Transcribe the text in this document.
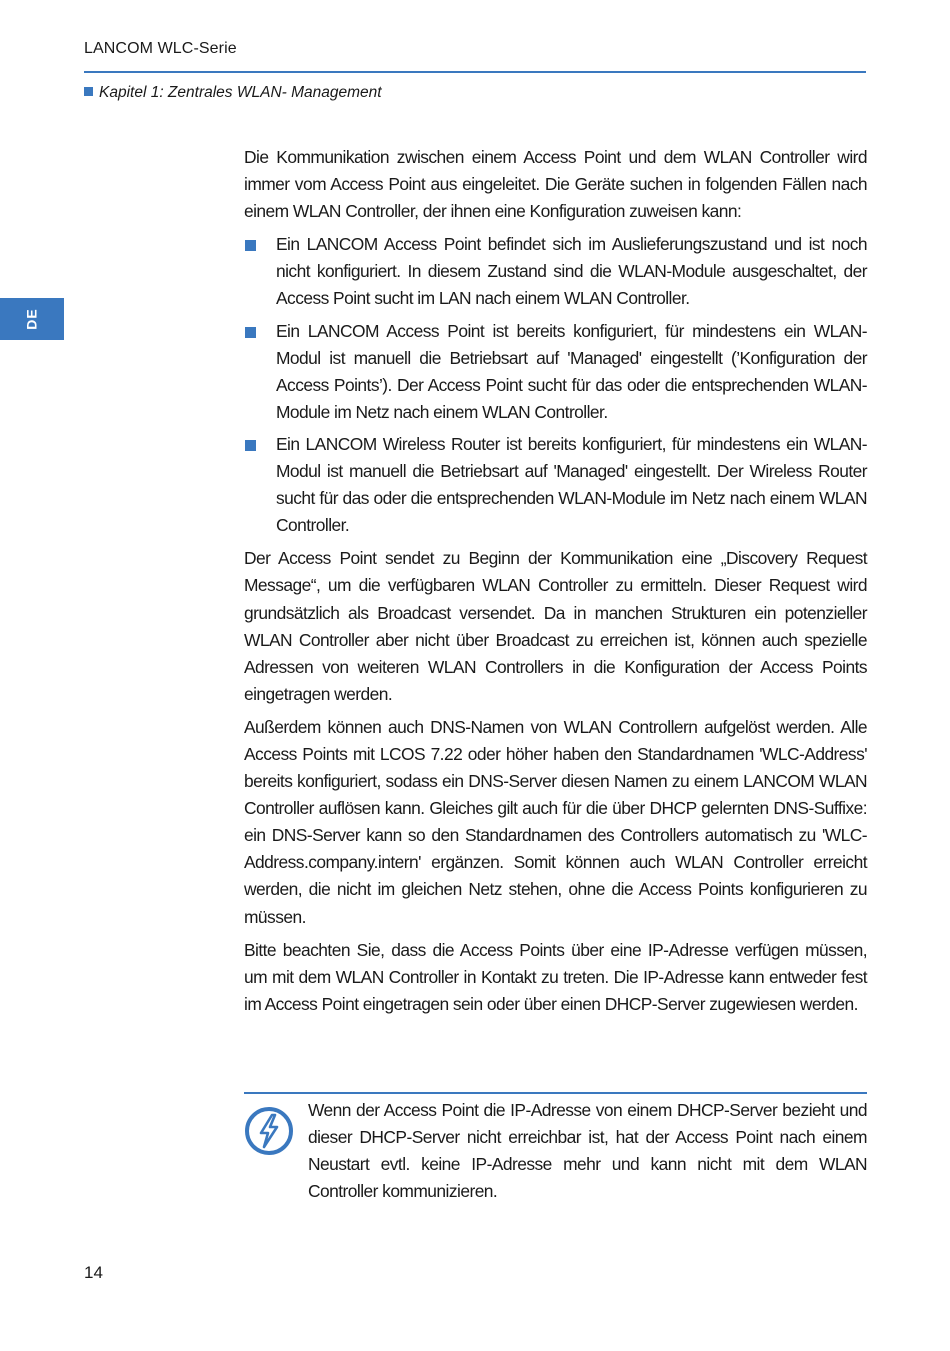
LANCOM WLC-Serie
Kapitel 1: Zentrales WLAN- Management
DE

Die Kommunikation zwischen einem Access Point und dem WLAN Controller wird immer vom Access Point aus eingeleitet. Die Geräte suchen in folgenden Fällen nach einem WLAN Controller, der ihnen eine Konfiguration zuweisen kann:

Ein LANCOM Access Point befindet sich im Auslieferungszustand und ist noch nicht konfiguriert. In diesem Zustand sind die WLAN-Module ausgeschaltet, der Access Point sucht im LAN nach einem WLAN Controller.
Ein LANCOM Access Point ist bereits konfiguriert, für mindestens ein WLAN-Modul ist manuell die Betriebsart auf 'Managed' eingestellt (’Konfiguration der Access Points’). Der Access Point sucht für das oder die entsprechenden WLAN-Module im Netz nach einem WLAN Controller.
Ein LANCOM Wireless Router ist bereits konfiguriert, für mindestens ein WLAN-Modul ist manuell die Betriebsart auf 'Managed' eingestellt. Der Wireless Router sucht für das oder die entsprechenden WLAN-Module im Netz nach einem WLAN Controller.

Der Access Point sendet zu Beginn der Kommunikation eine „Discovery Request Message“, um die verfügbaren WLAN Controller zu ermitteln. Dieser Request wird grundsätzlich als Broadcast versendet. Da in manchen Strukturen ein potenzieller WLAN Controller aber nicht über Broadcast zu erreichen ist, können auch spezielle Adressen von weiteren WLAN Controllers in die Konfiguration der Access Points eingetragen werden.

Außerdem können auch DNS-Namen von WLAN Controllern aufgelöst werden. Alle Access Points mit LCOS 7.22 oder höher haben den Standardnamen 'WLC-Address' bereits konfiguriert, sodass ein DNS-Server diesen Namen zu einem LANCOM WLAN Controller auflösen kann. Gleiches gilt auch für die über DHCP gelernten DNS-Suffixe: ein DNS-Server kann so den Standardnamen des Controllers automatisch zu 'WLC-Address.company.intern' ergänzen. Somit können auch WLAN Controller erreicht werden, die nicht im gleichen Netz stehen, ohne die Access Points konfigurieren zu müssen.

Bitte beachten Sie, dass die Access Points über eine IP-Adresse verfügen müssen, um mit dem WLAN Controller in Kontakt zu treten. Die IP-Adresse kann entweder fest im Access Point eingetragen sein oder über einen DHCP-Server zugewiesen werden.

Wenn der Access Point die IP-Adresse von einem DHCP-Server bezieht und dieser DHCP-Server nicht erreichbar ist, hat der Access Point nach einem Neustart evtl. keine IP-Adresse mehr und kann nicht mit dem WLAN Controller kommunizieren.

14
